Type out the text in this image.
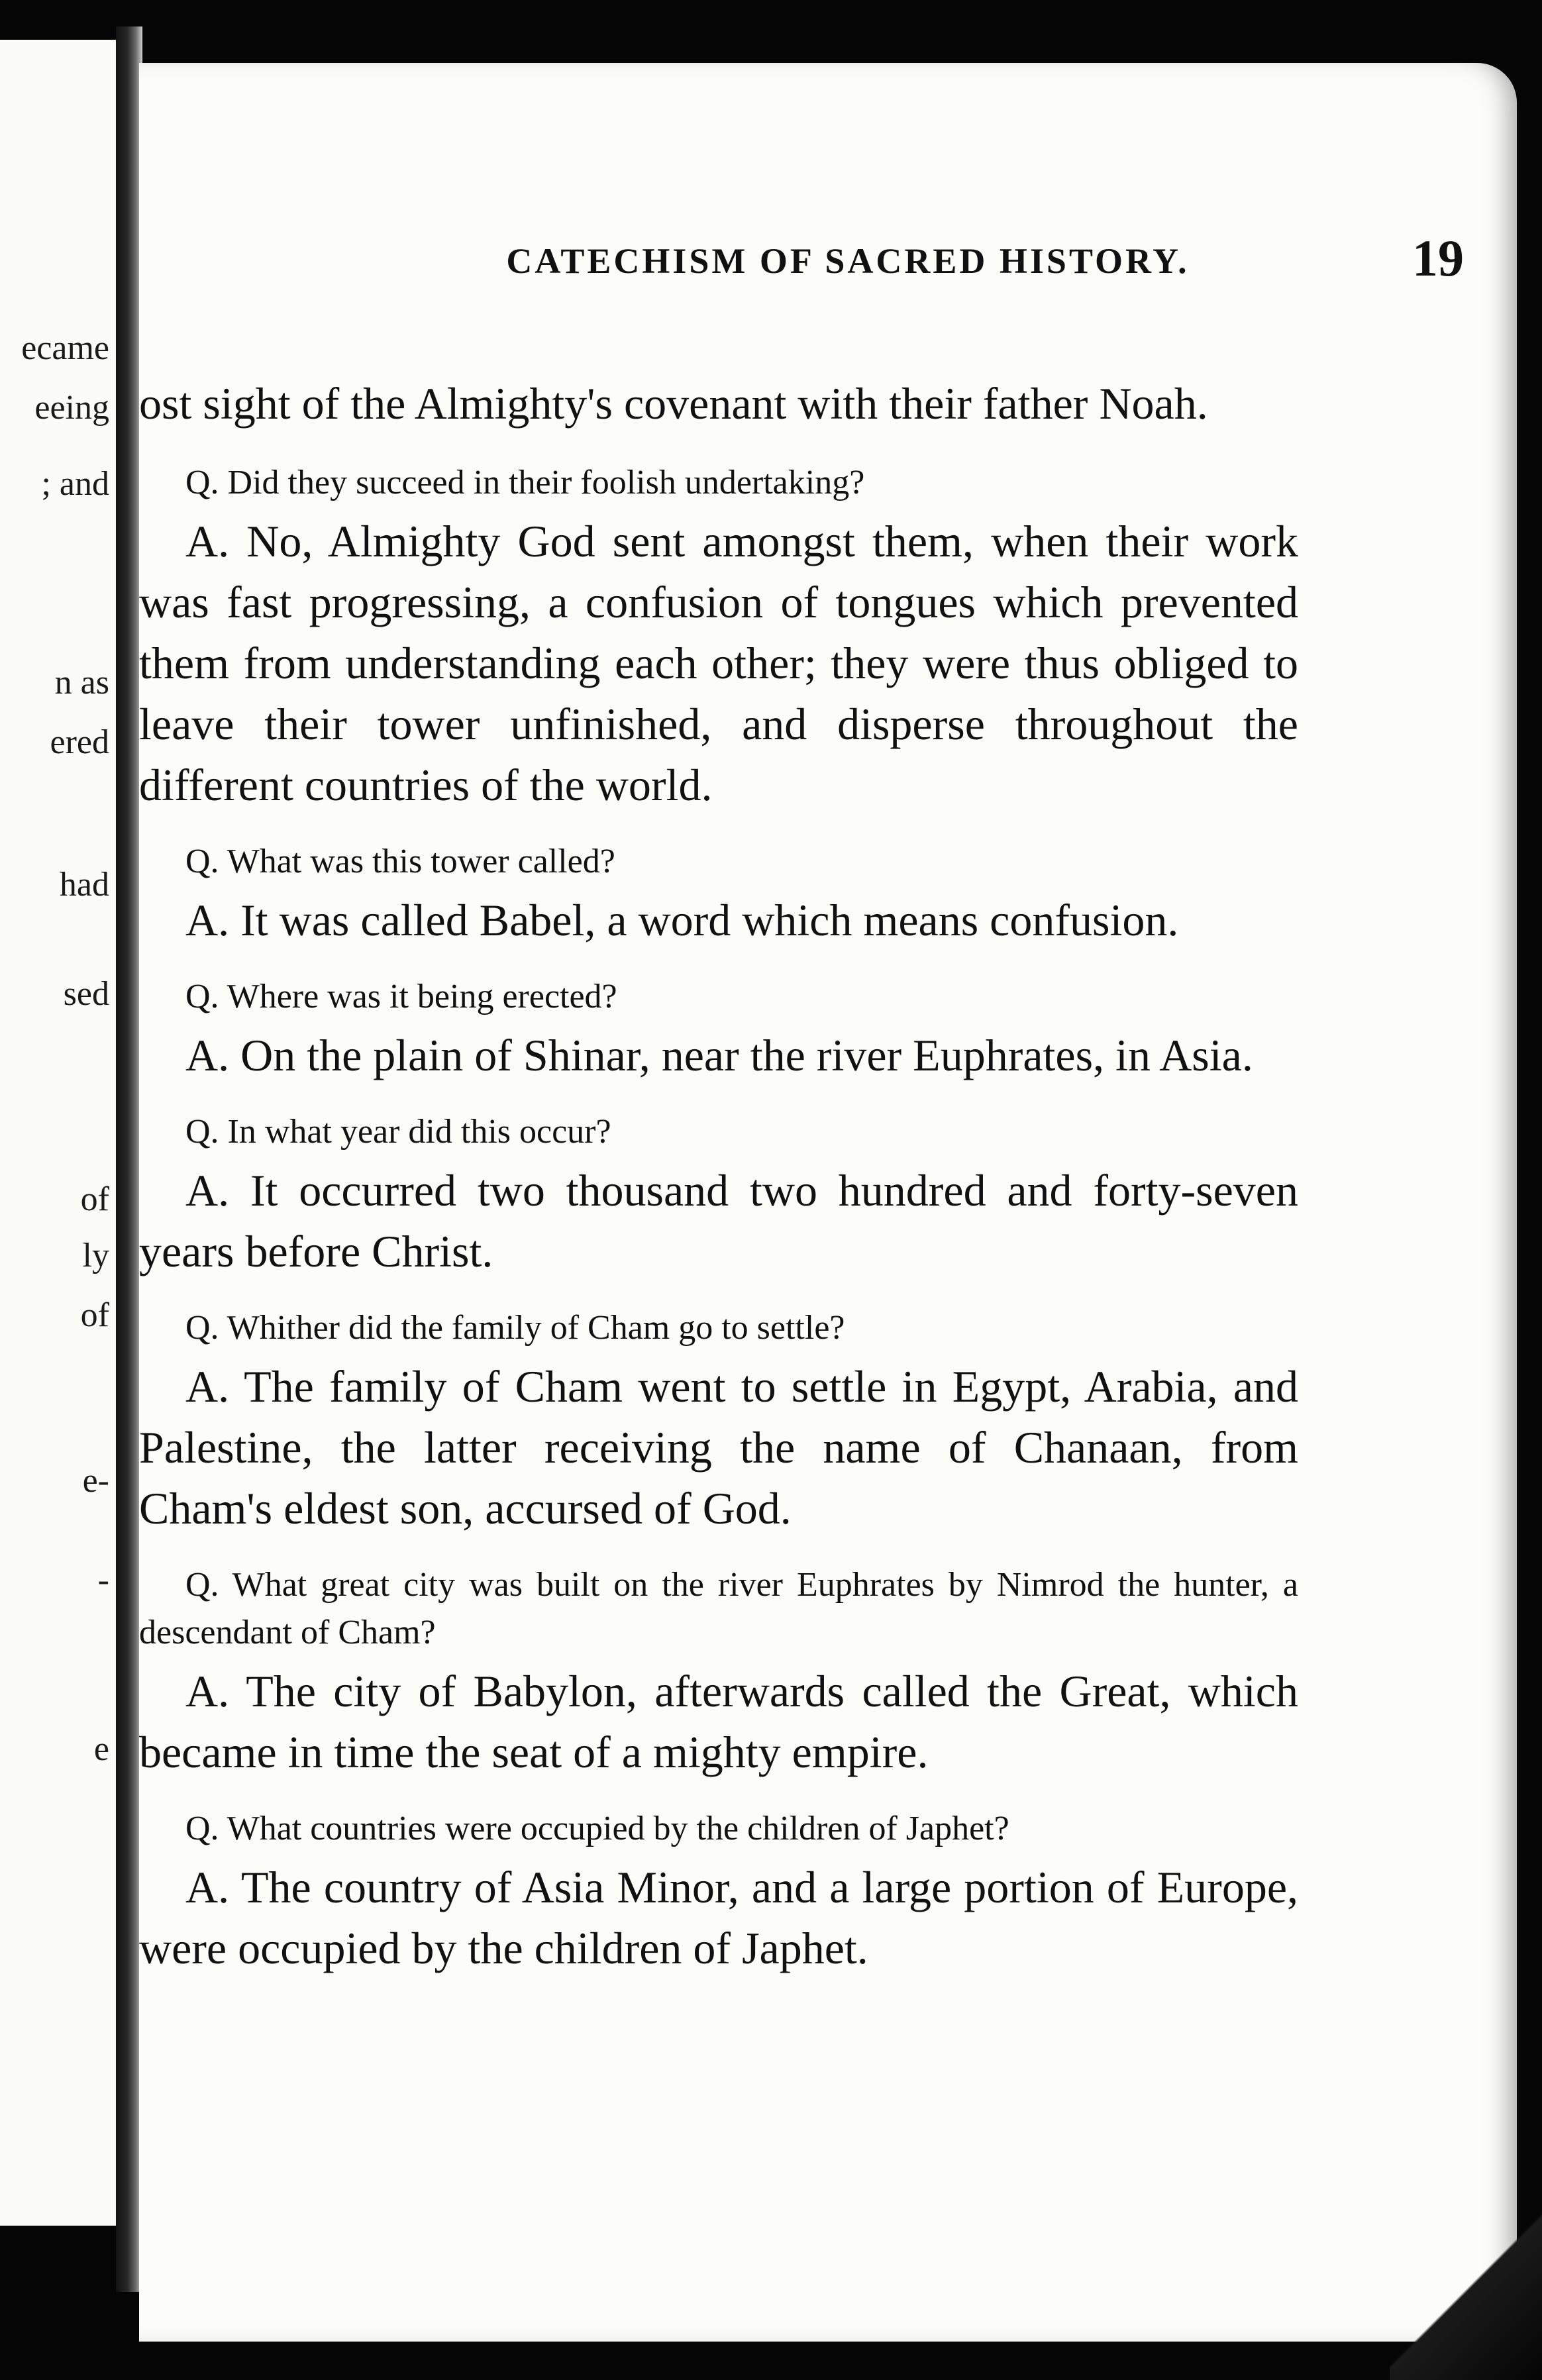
ecame
eeing
; and
n as
ered
had
sed
of
ly
of
e-
-
e
CATECHISM OF SACRED HISTORY.	19

ost sight of the Almighty's covenant with their father Noah.

Q. Did they succeed in their foolish undertaking?

A. No, Almighty God sent amongst them, when their work was fast progressing, a confusion of tongues which prevented them from understanding each other; they were thus obliged to leave their tower unfinished, and disperse throughout the different countries of the world.

Q. What was this tower called?

A. It was called Babel, a word which means confusion.

Q. Where was it being erected?

A. On the plain of Shinar, near the river Euphrates, in Asia.

Q. In what year did this occur?

A. It occurred two thousand two hundred and forty-seven years before Christ.

Q. Whither did the family of Cham go to settle?

A. The family of Cham went to settle in Egypt, Arabia, and Palestine, the latter receiving the name of Chanaan, from Cham's eldest son, accursed of God.

Q. What great city was built on the river Euphrates by Nimrod the hunter, a descendant of Cham?

A. The city of Babylon, afterwards called the Great, which became in time the seat of a mighty empire.

Q. What countries were occupied by the children of Japhet?

A. The country of Asia Minor, and a large portion of Europe, were occupied by the children of Japhet.
